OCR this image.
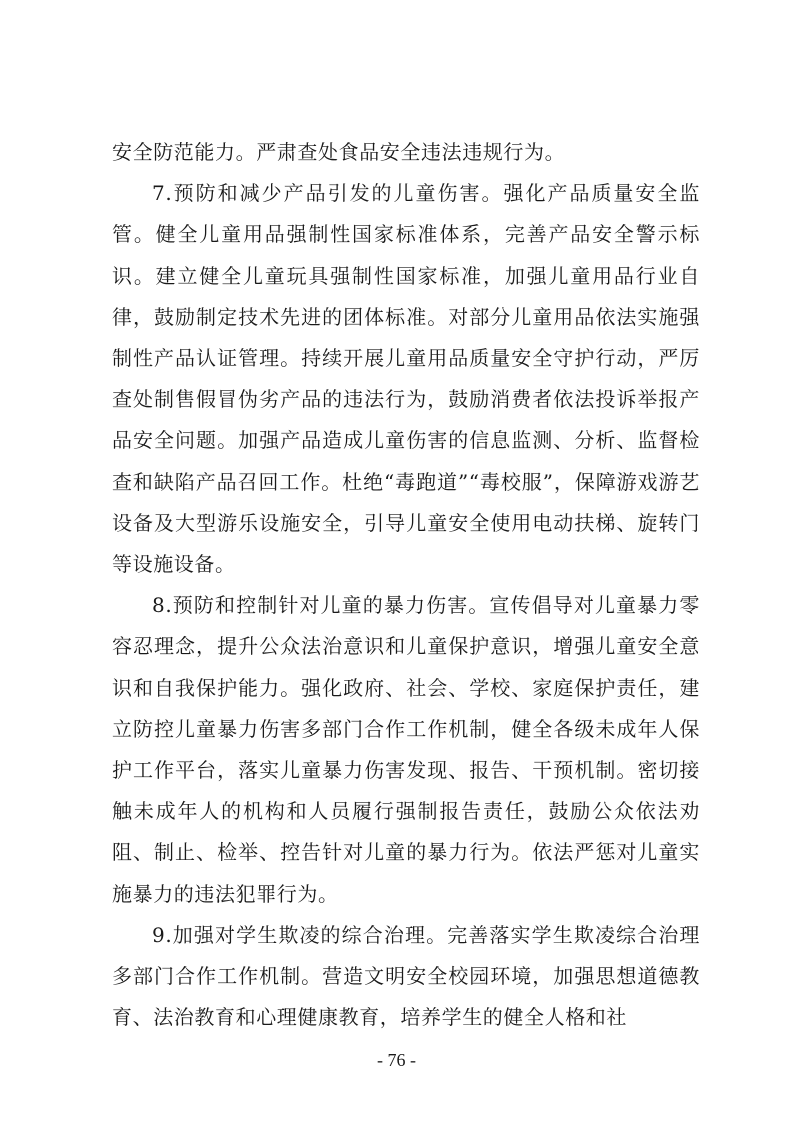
安全防范能力。严肃查处食品安全违法违规行为。

7.预防和减少产品引发的儿童伤害。强化产品质量安全监管。健全儿童用品强制性国家标准体系，完善产品安全警示标识。建立健全儿童玩具强制性国家标准，加强儿童用品行业自律，鼓励制定技术先进的团体标准。对部分儿童用品依法实施强制性产品认证管理。持续开展儿童用品质量安全守护行动，严厉查处制售假冒伪劣产品的违法行为，鼓励消费者依法投诉举报产品安全问题。加强产品造成儿童伤害的信息监测、分析、监督检查和缺陷产品召回工作。杜绝“毒跑道”“毒校服”，保障游戏游艺设备及大型游乐设施安全，引导儿童安全使用电动扶梯、旋转门等设施设备。

8.预防和控制针对儿童的暴力伤害。宣传倡导对儿童暴力零容忍理念，提升公众法治意识和儿童保护意识，增强儿童安全意识和自我保护能力。强化政府、社会、学校、家庭保护责任，建立防控儿童暴力伤害多部门合作工作机制，健全各级未成年人保护工作平台，落实儿童暴力伤害发现、报告、干预机制。密切接触未成年人的机构和人员履行强制报告责任，鼓励公众依法劝阻、制止、检举、控告针对儿童的暴力行为。依法严惩对儿童实施暴力的违法犯罪行为。

9.加强对学生欺凌的综合治理。完善落实学生欺凌综合治理多部门合作工作机制。营造文明安全校园环境，加强思想道德教育、法治教育和心理健康教育，培养学生的健全人格和社

- 76 -
